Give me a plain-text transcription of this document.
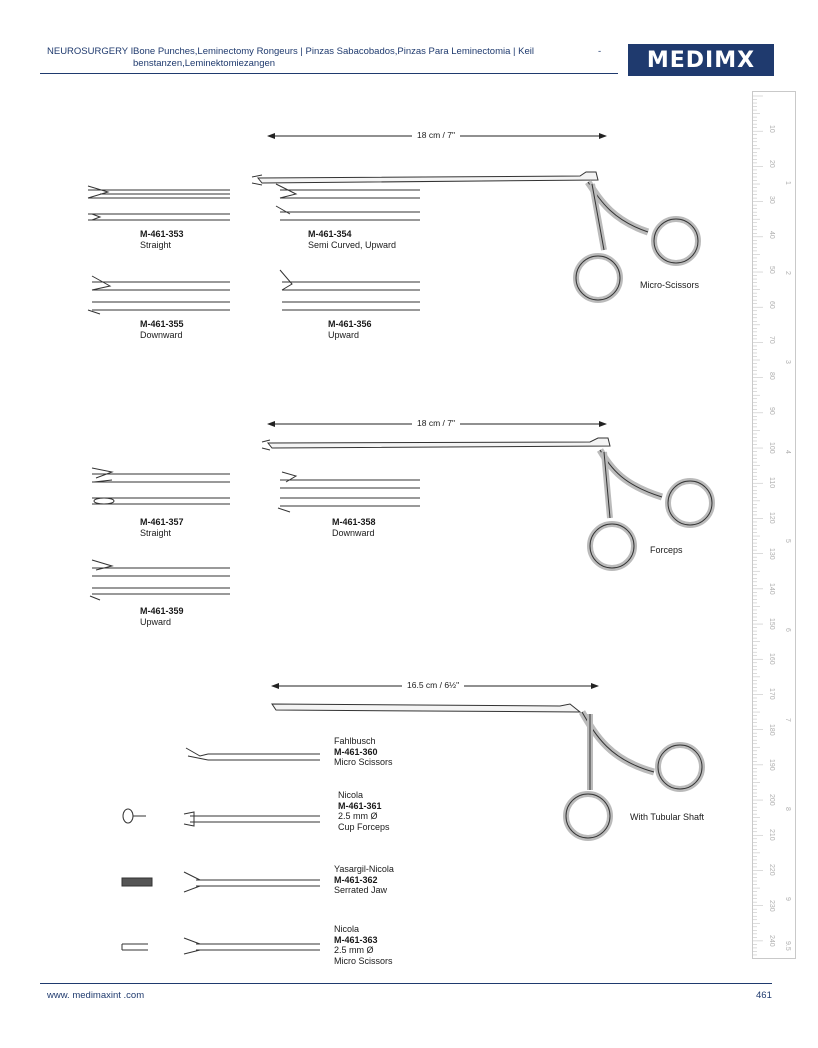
NEUROSURGERY I Bone Punches,Leminectomy Rongeurs | Pinzas Sabacobados,Pinzas Para Leminectomia | Keil benstanzen,Leminektomiezangen
-	MEDIMX
18 cm / 7"
18 cm / 7"
16.5 cm / 6½"
Micro-Scissors
Forceps
With Tubular Shaft
M-461-353
Straight
M-461-354
Semi Curved, Upward
M-461-355
Downward
M-461-356
Upward
M-461-357
Straight
M-461-358
Downward
M-461-359
Upward
Fahlbusch
M-461-360
Micro Scissors
Nicola
M-461-361
2.5 mm Ø
Cup Forceps
Yasargil-Nicola
M-461-362
Serrated Jaw
Nicola
M-461-363
2.5 mm Ø
Micro Scissors
10
20
30
40
50
60
70
80
90
100
110
120
130
140
150
160
170
180
190
200
210
220
230
240
1
2
3
4
5
6
7
8
9
9.5
www. medimaxint .com	461
